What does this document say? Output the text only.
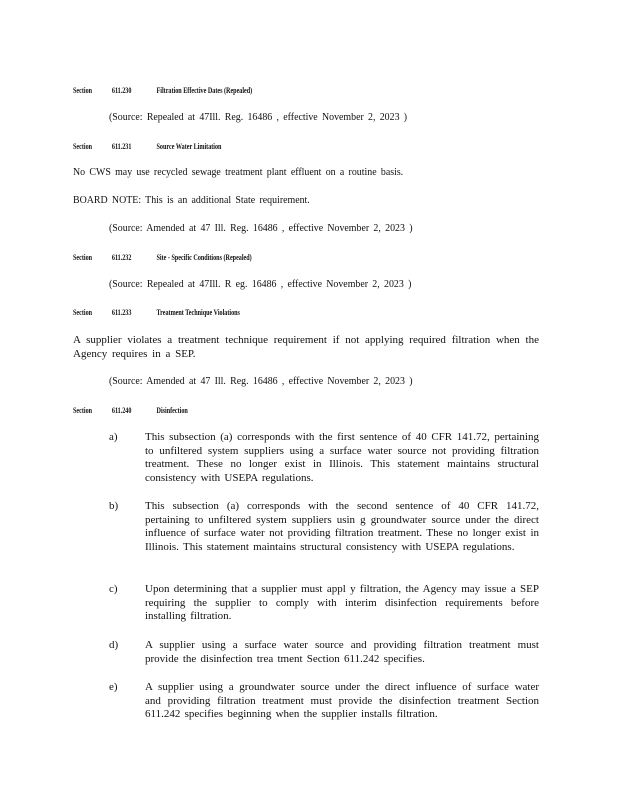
Section 611.230	Filtration Effective Dates (Repealed)
(Source: Repealed at 47Ill. Reg. 16486 , effective November 2, 2023 )
Section 611.231	Source Water Limitation
No CWS may use recycled sewage treatment plant effluent on a routine basis.
BOARD NOTE: This is an additional State requirement.
(Source: Amended at 47 Ill. Reg. 16486 , effective November 2, 2023 )
Section 611.232	Site - Specific Conditions (Repealed)
(Source: Repealed at 47Ill. R eg. 16486 , effective November 2, 2023 )
Section 611.233	Treatment Technique Violations
A supplier violates a treatment technique requirement if not applying required filtration when the Agency requires in a SEP.
(Source: Amended at 47 Ill. Reg. 16486 , effective November 2, 2023 )
Section 611.240	Disinfection
a)	This subsection (a) corresponds with the first sentence of 40 CFR 141.72, pertaining to unfiltered system suppliers using a surface water source not providing filtration treatment. These no longer exist in Illinois. This statement maintains structural consistency with USEPA regulations.
b)	This subsection (a) corresponds with the second sentence of 40 CFR 141.72, pertaining to unfiltered system suppliers usin g groundwater source under the direct influence of surface water not providing filtration treatment. These no longer exist in Illinois. This statement maintains structural consistency with USEPA regulations.
c)	Upon determining that a supplier must appl y filtration, the Agency may issue a SEP requiring the supplier to comply with interim disinfection requirements before installing filtration.
d)	A supplier using a surface water source and providing filtration treatment must provide the disinfection trea tment Section 611.242 specifies.
e)	A supplier using a groundwater source under the direct influence of surface water and providing filtration treatment must provide the disinfection treatment Section 611.242 specifies beginning when the supplier installs filtration.
